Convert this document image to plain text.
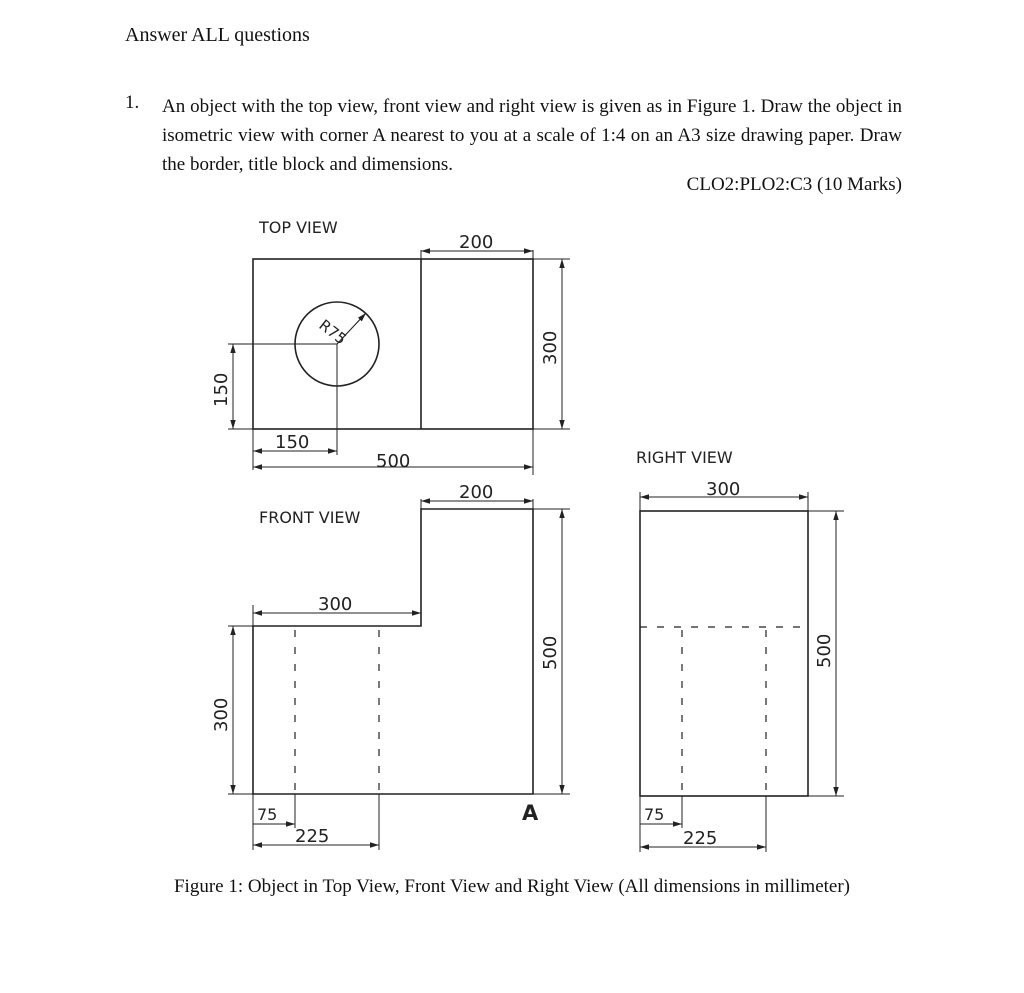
Answer ALL questions
1. An object with the top view, front view and right view is given as in Figure 1. Draw the object in isometric view with corner A nearest to you at a scale of 1:4 on an A3 size drawing paper. Draw the border, title block and dimensions.
CLO2:PLO2:C3 (10 Marks)
TOP VIEW
R75
200
300
150
150
500
FRONT VIEW
200
300
500
300
75
225
A
RIGHT VIEW
300
500
75
225
Figure 1: Object in Top View, Front View and Right View (All dimensions in millimeter)
